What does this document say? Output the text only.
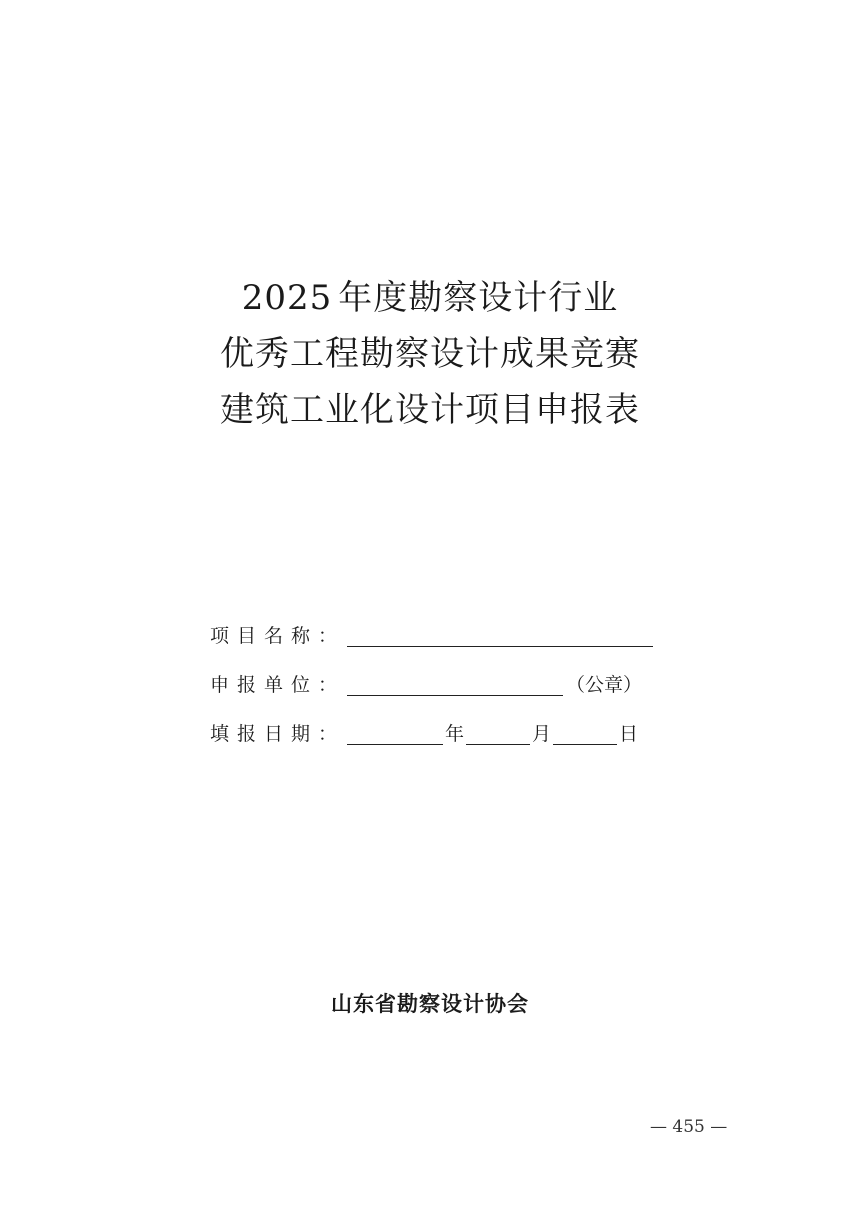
2025 年度勘察设计行业
优秀工程勘察设计成果竞赛
建筑工业化设计项目申报表
项目名称：
申报单位：	（公章）
填报日期：	年	月	日
山东省勘察设计协会
— 455 —
